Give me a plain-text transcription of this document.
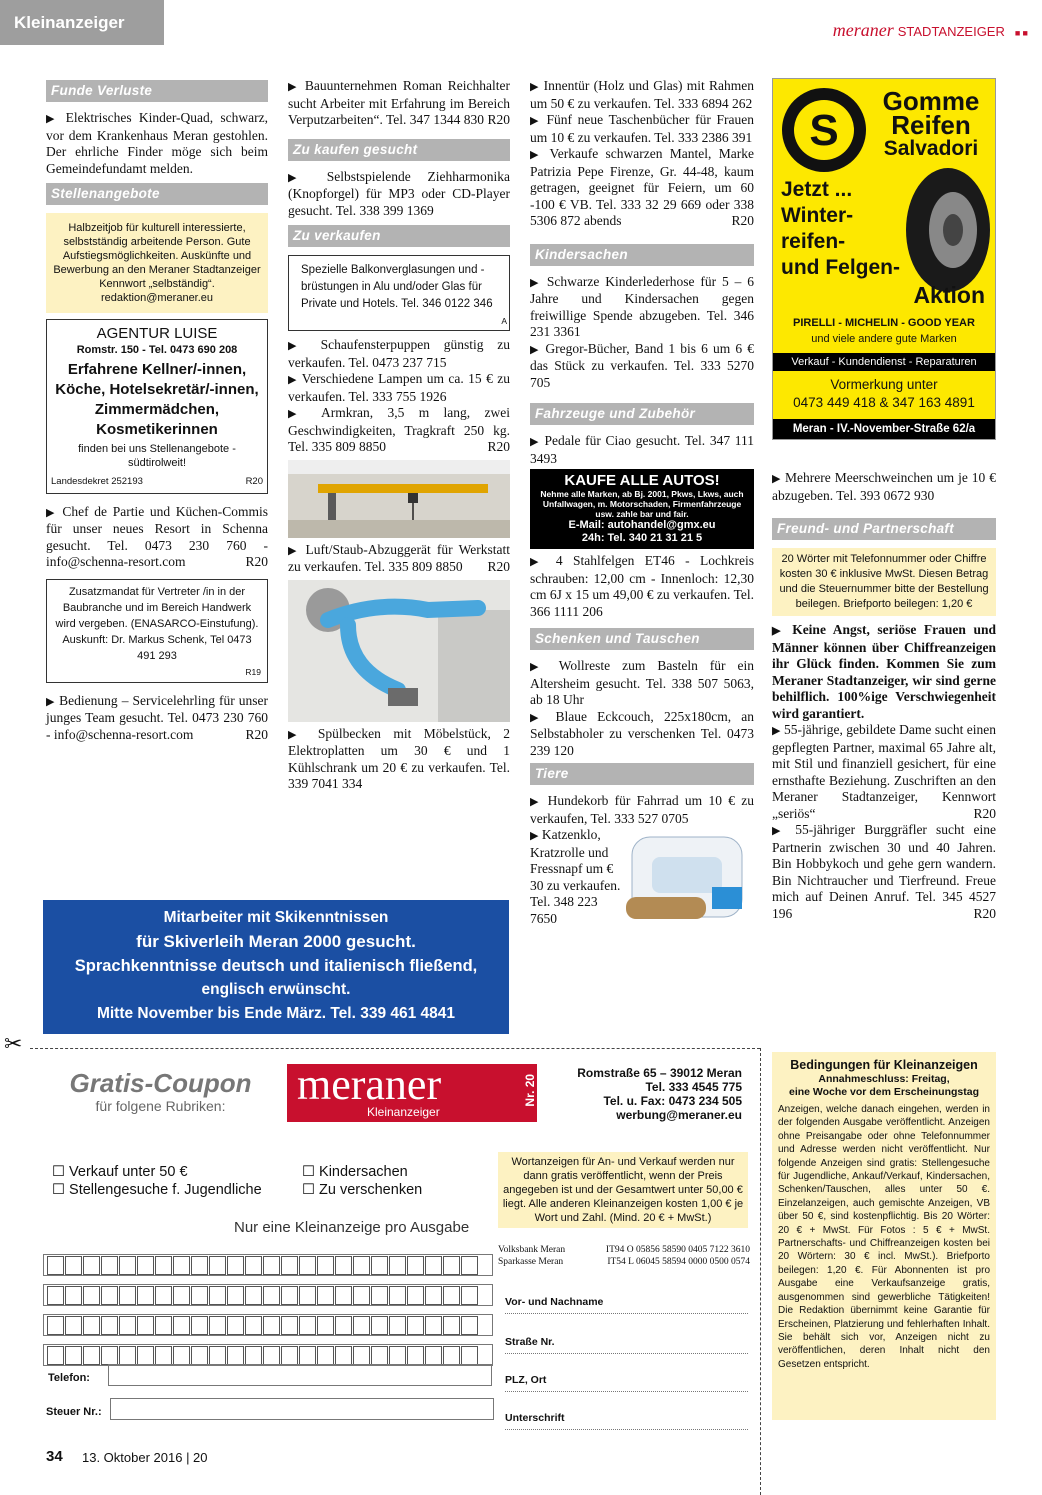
Kleinanzeiger	meraner STADTANZEIGER ■ ■
Funde Verluste

▶ Elektrisches Kinder-Quad, schwarz, vor dem Krankenhaus Meran gestohlen. Der ehrliche Finder möge sich beim Gemeindefundamt melden.

Stellenangebote
Halbzeitjob für kulturell interessierte, selbstständig arbeitende Person. Gute Aufstiegsmöglichkeiten. Auskünfte und Bewerbung an den Meraner Stadtanzeiger Kennwort „selbständig“. redaktion@meraner.eu
AGENTUR LUISE
Romstr. 150 - Tel. 0473 690 208
Erfahrene Kellner/-innen, Köche, Hotelsekretär/-innen, Zimmermädchen, Kosmetikerinnen
finden bei uns Stellenangebote - südtirolweit!
Landesdekret 252193	R20

▶ Chef de Partie und Küchen-Commis für unser neues Resort in Schenna gesucht. Tel. 0473 230 760 - info@schenna-resort.com	R20

Zusatzmandat für Vertreter /in in der Baubranche und im Bereich Handwerk wird vergeben. (ENASARCO-Einstufung). Auskunft: Dr. Markus Schenk, Tel 0473 491 293
R19

▶ Bedienung – Servicelehrling für unser junges Team gesucht. Tel. 0473 230 760 - info@schenna-resort.com	R20

▶ Bauunternehmen Roman Reichhalter sucht Arbeiter mit Erfahrung im Bereich Verputzarbeiten“. Tel. 347 1344 830 R20

Zu kaufen gesucht

▶ Selbstspielende Ziehharmonika (Knopforgel) für MP3 oder CD-Player gesucht. Tel. 338 399 1369

Zu verkaufen
Spezielle Balkonverglasungen und -brüstungen in Alu und/oder Glas für Private und Hotels. Tel. 346 0122 346
A

▶ Schaufensterpuppen günstig zu verkaufen. Tel. 0473 237 715

▶ Verschiedene Lampen um ca. 15 € zu verkaufen. Tel. 333 755 1926

▶ Armkran, 3,5 m lang, zwei Geschwindigkeiten, Tragkraft 250 kg. Tel. 335 809 8850	R20

▶ Luft/Staub-Abzuggerät für Werkstatt zu verkaufen. Tel. 335 809 8850 R20

▶ Spülbecken mit Möbelstück, 2 Elektroplatten um 30 € und 1 Kühlschrank um 20 € zu verkaufen. Tel. 339 7041 334

▶ Innentür (Holz und Glas) mit Rahmen um 50 € zu verkaufen. Tel. 333 6894 262

▶ Fünf neue Taschenbücher für Frauen um 10 € zu verkaufen. Tel. 333 2386 391

▶ Verkaufe schwarzen Mantel, Marke Patrizia Pepe Firenze, Gr. 44-48, kaum getragen, geeignet für Feiern, um 60 -100 € VB. Tel. 333 32 29 669 oder 338 5306 872 abends	R20

Kindersachen

▶ Schwarze Kinderlederhose für 5 – 6 Jahre und Kindersachen gegen freiwillige Spende abzugeben. Tel. 346 231 3361

▶ Gregor-Bücher, Band 1 bis 6 um 6 € das Stück zu verkaufen. Tel. 333 5270 705

Fahrzeuge und Zubehör

▶ Pedale für Ciao gesucht. Tel. 347 111 3493

KAUFE ALLE AUTOS!
Nehme alle Marken, ab Bj. 2001, Pkws, Lkws, auch Unfallwagen, m. Motorschaden, Firmenfahrzeuge usw. zahle bar und fair.
E-Mail: autohandel@gmx.eu
24h: Tel. 340 21 31 21 5

▶ 4 Stahlfelgen ET46 - Lochkreis schrauben: 12,00 cm - Innenloch: 12,30 cm 6J x 15 um 49,00 € zu verkaufen. Tel. 366 1111 206

Schenken und Tauschen

▶ Wollreste zum Basteln für ein Altersheim gesucht. Tel. 338 507 5063, ab 18 Uhr

▶ Blaue Eckcouch, 225x180cm, an Selbstabholer zu verschenken Tel. 0473 239 120

Tiere

▶ Hundekorb für Fahrrad um 10 € zu verkaufen, Tel. 333 527 0705

▶ Katzenklo, Kratzrolle und Fressnapf um € 30 zu verkaufen. Tel. 348 223 7650

S
Gomme
Reifen
Salvadori
Jetzt ...
Winter-
reifen-
und Felgen-
Aktion
PIRELLI - MICHELIN - GOOD YEAR
und viele andere gute Marken
Verkauf - Kundendienst - Reparaturen
Vormerkung unter
0473 449 418 & 347 163 4891
Meran - IV.-November-Straße 62/a

▶ Mehrere Meerschweinchen um je 10 € abzugeben. Tel. 393 0672 930

Freund- und Partnerschaft
20 Wörter mit Telefonnummer oder Chiffre kosten 30 € inklusive MwSt. Diesen Betrag und die Steuernummer bitte der Bestellung beilegen. Briefporto beilegen: 1,20 €

▶ Keine Angst, seriöse Frauen und Männer können über Chiffreanzeigen ihr Glück finden. Kommen Sie zum Meraner Stadtanzeiger, wir sind gerne behilflich. 100%ige Verschwiegenheit wird garantiert.

▶ 55-jährige, gebildete Dame sucht einen gepflegten Partner, maximal 65 Jahre alt, mit Stil und finanziell gesichert, für eine ernsthafte Beziehung. Zuschriften an den Meraner Stadtanzeiger, Kennwort „seriös“	R20

▶ 55-jähriger Burggräfler sucht eine Partnerin zwischen 30 und 40 Jahren. Bin Hobbykoch und gehe gern wandern. Bin Nichtraucher und Tierfreund. Freue mich auf Deinen Anruf. Tel. 345 4527 196	R20

Mitarbeiter mit Skikenntnissen
für Skiverleih Meran 2000 gesucht.
Sprachkenntnisse deutsch und italienisch fließend,
englisch erwünscht.
Mitte November bis Ende März. Tel. 339 461 4841
✂
Gratis-Coupon
für folgene Rubriken:	meraner
Kleinanzeiger
Nr. 20
Romstraße 65 – 39012 Meran
Tel. 333 4545 775
Tel. u. Fax: 0473 234 505
werbung@meraner.eu
☐ Verkauf unter 50 €
☐ Stellengesuche f. Jugendliche
☐ Kindersachen
☐ Zu verschenken
Nur eine Kleinanzeige pro Ausgabe
Telefon:
Steuer Nr.:
Wortanzeigen für An- und Verkauf werden nur dann gratis veröffentlicht, wenn der Preis angegeben ist und der Gesamtwert unter 50,00 € liegt. Alle anderen Kleinanzeigen kosten 1,00 € je Wort und Zahl. (Mind. 20 € + MwSt.)
Volksbank Meran	IT94 O 05856 58590 0405 7122 3610
Sparkasse Meran	IT54 L 06045 58594 0000 0500 0574
Vor- und Nachname
Straße Nr.
PLZ, Ort
Unterschrift
Bedingungen für Kleinanzeigen
Annahmeschluss: Freitag,
eine Woche vor dem Erscheinungstag
Anzeigen, welche danach eingehen, werden in der folgenden Ausgabe veröffentlicht. Anzeigen ohne Preisangabe oder ohne Telefonnummer und Adresse werden nicht veröffentlicht. Nur folgende Anzeigen sind gratis: Stellengesuche für Jugendliche, Ankauf/Verkauf, Kindersachen, Schenken/Tauschen, alles unter 50 €. Einzelanzeigen, auch gemischte Anzeigen, VB über 50 €, sind kostenpflichtig. Bis 20 Wörter: 20 € + MwSt. Für Fotos : 5 € + MwSt. Partnerschafts- und Chiffreanzeigen kosten bei 20 Wörtern: 30 € incl. MwSt.). Briefporto beilegen: 1,20 €. Für Abonnenten ist pro Ausgabe eine Verkaufsanzeige gratis, ausgenommen sind gewerbliche Tätigkeiten! Die Redaktion übernimmt keine Garantie für Erscheinen, Platzierung und fehlerhaften Inhalt. Sie behält sich vor, Anzeigen nicht zu veröffentlichen, deren Inhalt nicht den Gesetzen entspricht.
34 13. Oktober 2016 | 20
